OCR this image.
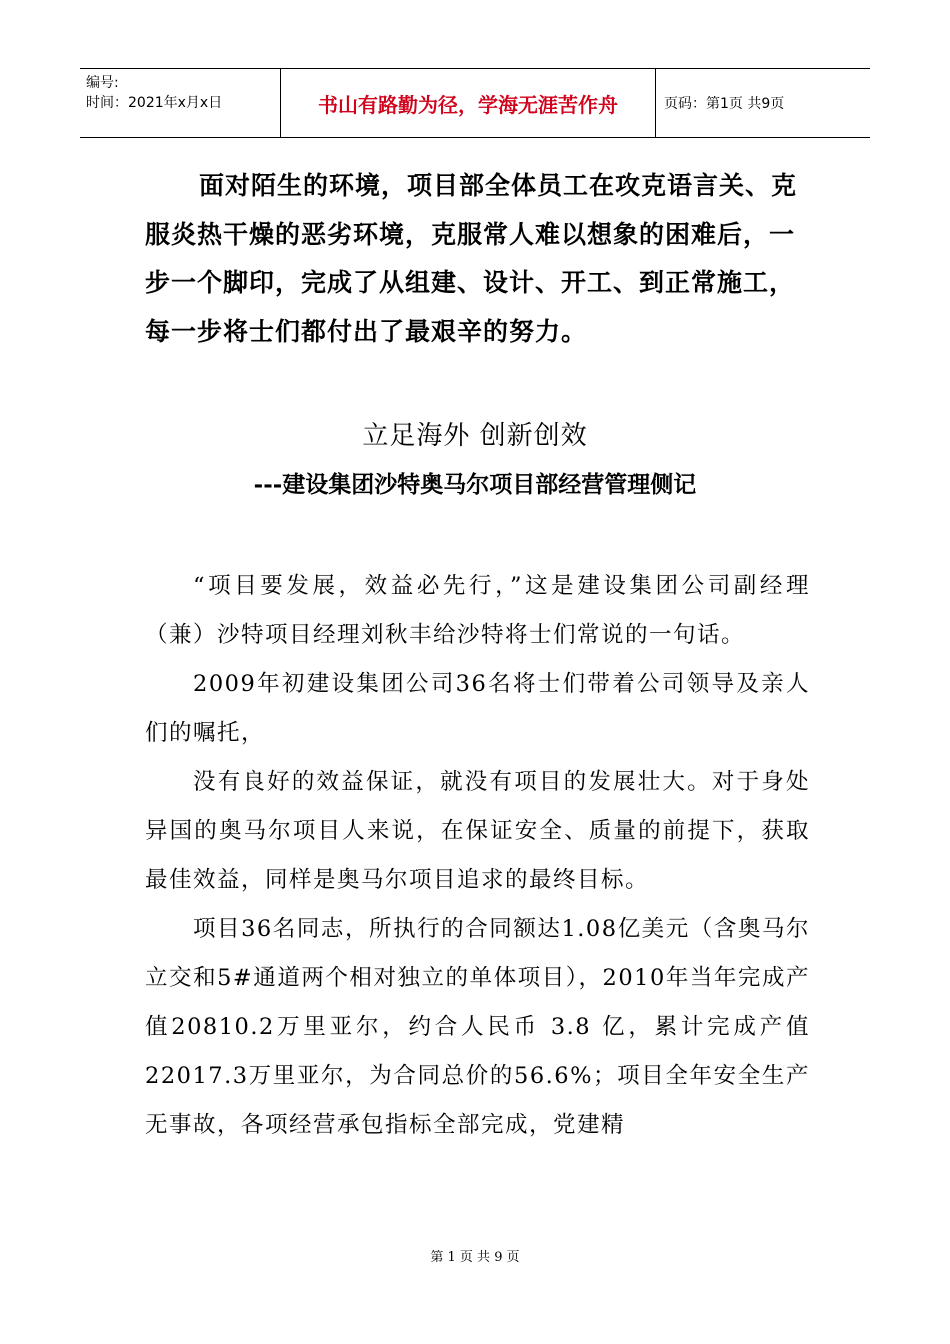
编号:
时间：2021年x月x日	书山有路勤为径，学海无涯苦作舟	页码：第1页 共9页
面对陌生的环境，项目部全体员工在攻克语言关、克服炎热干燥的恶劣环境，克服常人难以想象的困难后，一步一个脚印，完成了从组建、设计、开工、到正常施工，每一步将士们都付出了最艰辛的努力。
立足海外 创新创效
---建设集团沙特奥马尔项目部经营管理侧记

“项目要发展，效益必先行，”这是建设集团公司副经理（兼）沙特项目经理刘秋丰给沙特将士们常说的一句话。

2009年初建设集团公司36名将士们带着公司领导及亲人们的嘱托，

没有良好的效益保证，就没有项目的发展壮大。对于身处异国的奥马尔项目人来说，在保证安全、质量的前提下，获取最佳效益，同样是奥马尔项目追求的最终目标。

项目36名同志，所执行的合同额达1.08亿美元（含奥马尔立交和5#通道两个相对独立的单体项目），2010年当年完成产值20810.2万里亚尔，约合人民币 3.8 亿，累计完成产值22017.3万里亚尔，为合同总价的56.6%；项目全年安全生产无事故，各项经营承包指标全部完成，党建精

第 1 页 共 9 页
